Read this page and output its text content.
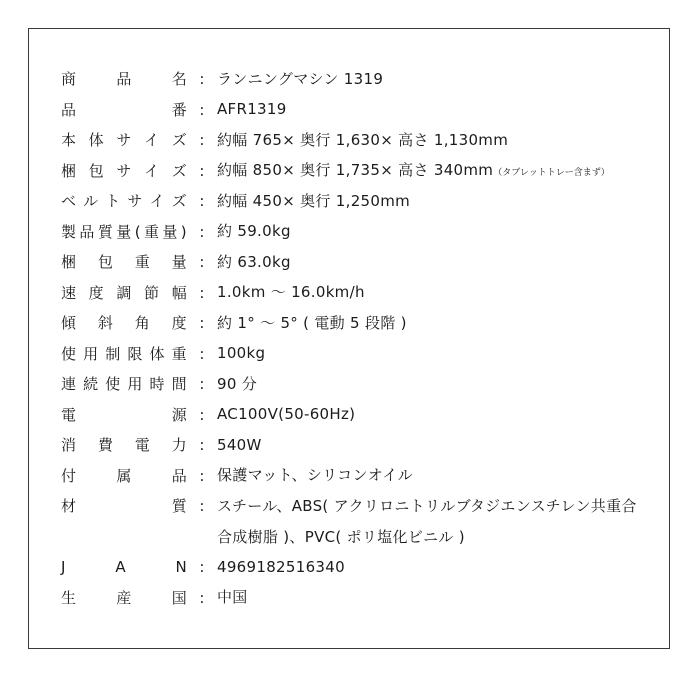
商	品	名 : ランニングマシン 1319
品	番 : AFR1319
本 体 サ イ ズ : 約幅 765× 奥行 1,630× 高さ 1,130mm
梱 包 サ イ ズ : 約幅 850× 奥行 1,735× 高さ 340mm（タブレットトレー含まず）
ベ ル ト サ イ ズ : 約幅 450× 奥行 1,250mm
製 品 質 量 ( 重 量 ) : 約 59.0kg
梱 包 重 量 : 約 63.0kg
速 度 調 節 幅 : 1.0km ～ 16.0km/h
傾 斜 角 度 : 約 1° ～ 5° ( 電動 5 段階 )
使 用 制 限 体 重 : 100kg
連 続 使 用 時 間 : 90 分
電	源 : AC100V(50-60Hz)
消 費 電 力 : 540W
付	属	品 : 保護マット、シリコンオイル
材	質 : スチール、ABS( アクリロニトリルブタジエンスチレン共重合
合成樹脂 )、PVC( ポリ塩化ビニル )
J	A	N : 4969182516340
生	産	国 : 中国
